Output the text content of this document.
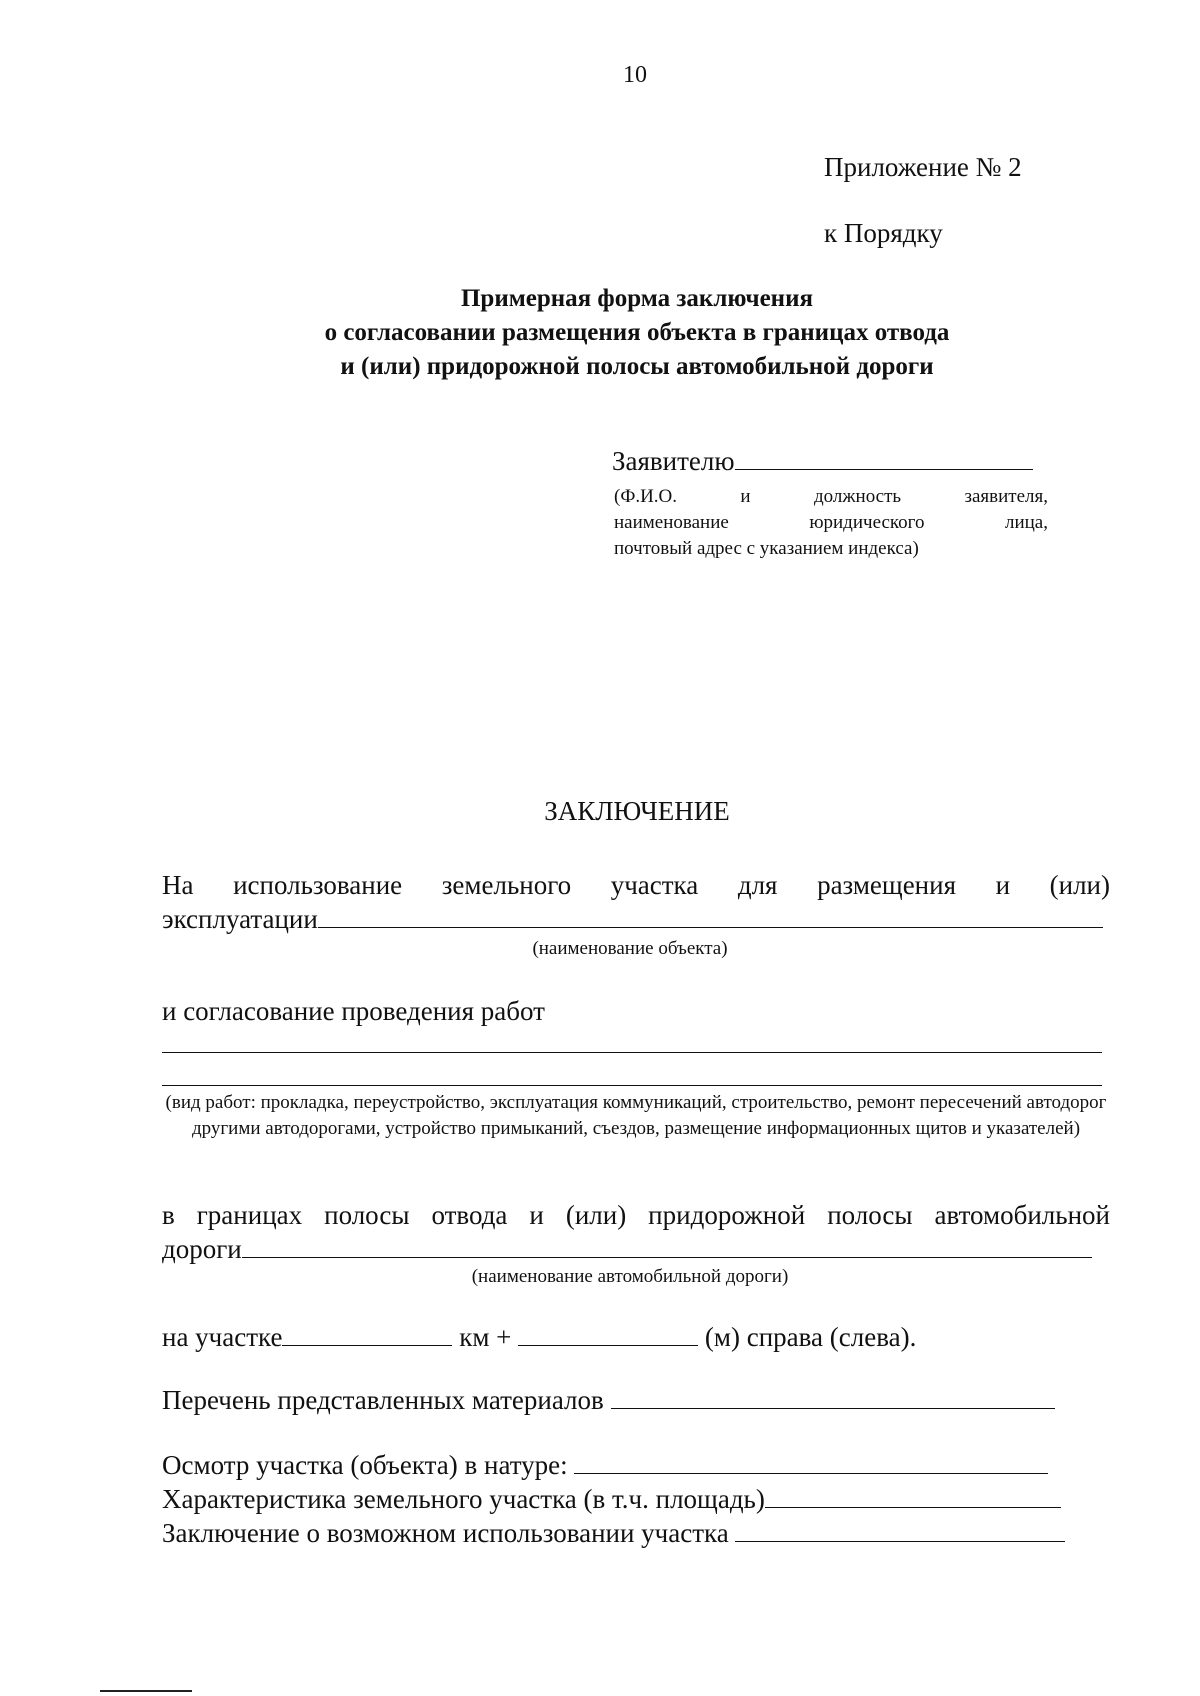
10
Приложение № 2
к Порядку
Примерная форма заключения
о согласовании размещения объекта в границах отвода
и (или) придорожной полосы автомобильной дороги
Заявителю
(Ф.И.О. и должность заявителя,
наименование юридического лица,
почтовый адрес с указанием индекса)
ЗАКЛЮЧЕНИЕ
На использование земельного участка для размещения и (или)
эксплуатации
(наименование объекта)
и согласование проведения работ
(вид работ: прокладка, переустройство, эксплуатация коммуникаций, строительство, ремонт пересечений автодорог другими автодорогами, устройство примыканий, съездов, размещение информационных щитов и указателей)
в границах полосы отвода и (или) придорожной полосы автомобильной
дороги
(наименование автомобильной дороги)
на участке	км +	(м) справа (слева).
Перечень представленных материалов
Осмотр участка (объекта) в натуре:
Характеристика земельного участка (в т.ч. площадь)
Заключение о возможном использовании участка
